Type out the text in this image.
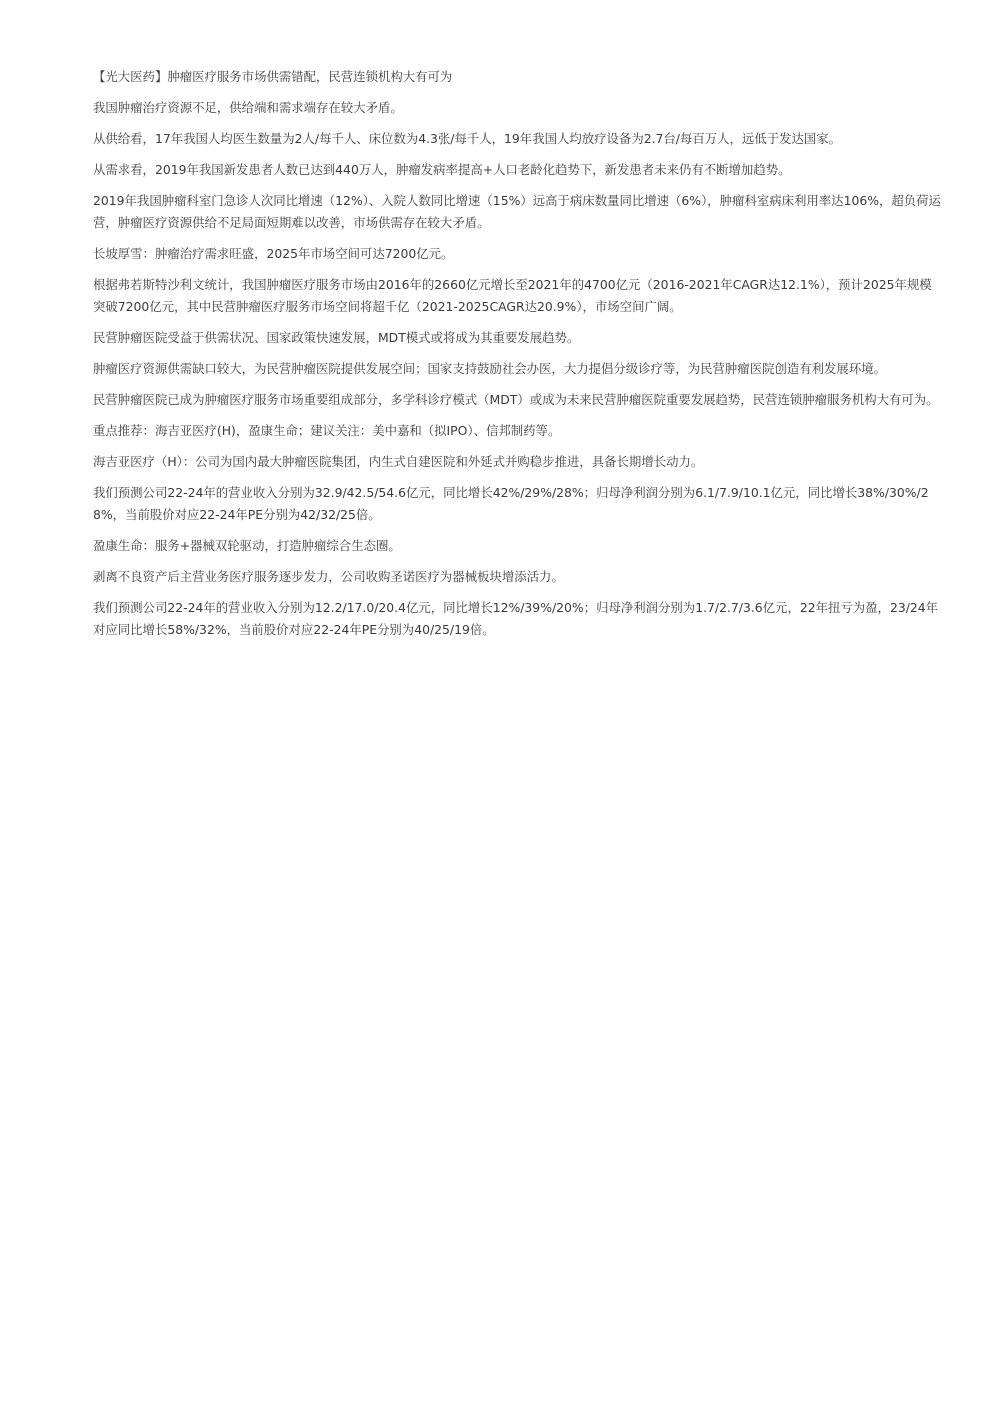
【光大医药】肿瘤医疗服务市场供需错配，民营连锁机构大有可为

我国肿瘤治疗资源不足，供给端和需求端存在较大矛盾。

从供给看，17年我国人均医生数量为2人/每千人、床位数为4.3张/每千人，19年我国人均放疗设备为2.7台/每百万人，远低于发达国家。

从需求看，2019年我国新发患者人数已达到440万人，肿瘤发病率提高+人口老龄化趋势下，新发患者未来仍有不断增加趋势。

2019年我国肿瘤科室门急诊人次同比增速（12%）、入院人数同比增速（15%）远高于病床数量同比增速（6%），肿瘤科室病床利用率达106%，超负荷运营，肿瘤医疗资源供给不足局面短期难以改善，市场供需存在较大矛盾。

长坡厚雪：肿瘤治疗需求旺盛，2025年市场空间可达7200亿元。

根据弗若斯特沙利文统计，我国肿瘤医疗服务市场由2016年的2660亿元增长至2021年的4700亿元（2016-2021年CAGR达12.1%），预计2025年规模突破7200亿元，其中民营肿瘤医疗服务市场空间将超千亿（2021-2025CAGR达20.9%），市场空间广阔。

民营肿瘤医院受益于供需状况、国家政策快速发展，MDT模式或将成为其重要发展趋势。

肿瘤医疗资源供需缺口较大，为民营肿瘤医院提供发展空间；国家支持鼓励社会办医，大力提倡分级诊疗等，为民营肿瘤医院创造有利发展环境。

民营肿瘤医院已成为肿瘤医疗服务市场重要组成部分，多学科诊疗模式（MDT）或成为未来民营肿瘤医院重要发展趋势，民营连锁肿瘤服务机构大有可为。

重点推荐：海吉亚医疗(H)，盈康生命；建议关注：美中嘉和（拟IPO）、信邦制药等。

海吉亚医疗（H）：公司为国内最大肿瘤医院集团，内生式自建医院和外延式并购稳步推进，具备长期增长动力。

我们预测公司22-24年的营业收入分别为32.9/42.5/54.6亿元，同比增长42%/29%/28%；归母净利润分别为6.1/7.9/10.1亿元，同比增长38%/30%/28%，当前股价对应22-24年PE分别为42/32/25倍。

盈康生命：服务+器械双轮驱动，打造肿瘤综合生态圈。

剥离不良资产后主营业务医疗服务逐步发力，公司收购圣诺医疗为器械板块增添活力。

我们预测公司22-24年的营业收入分别为12.2/17.0/20.4亿元，同比增长12%/39%/20%；归母净利润分别为1.7/2.7/3.6亿元，22年扭亏为盈，23/24年对应同比增长58%/32%，当前股价对应22-24年PE分别为40/25/19倍。
